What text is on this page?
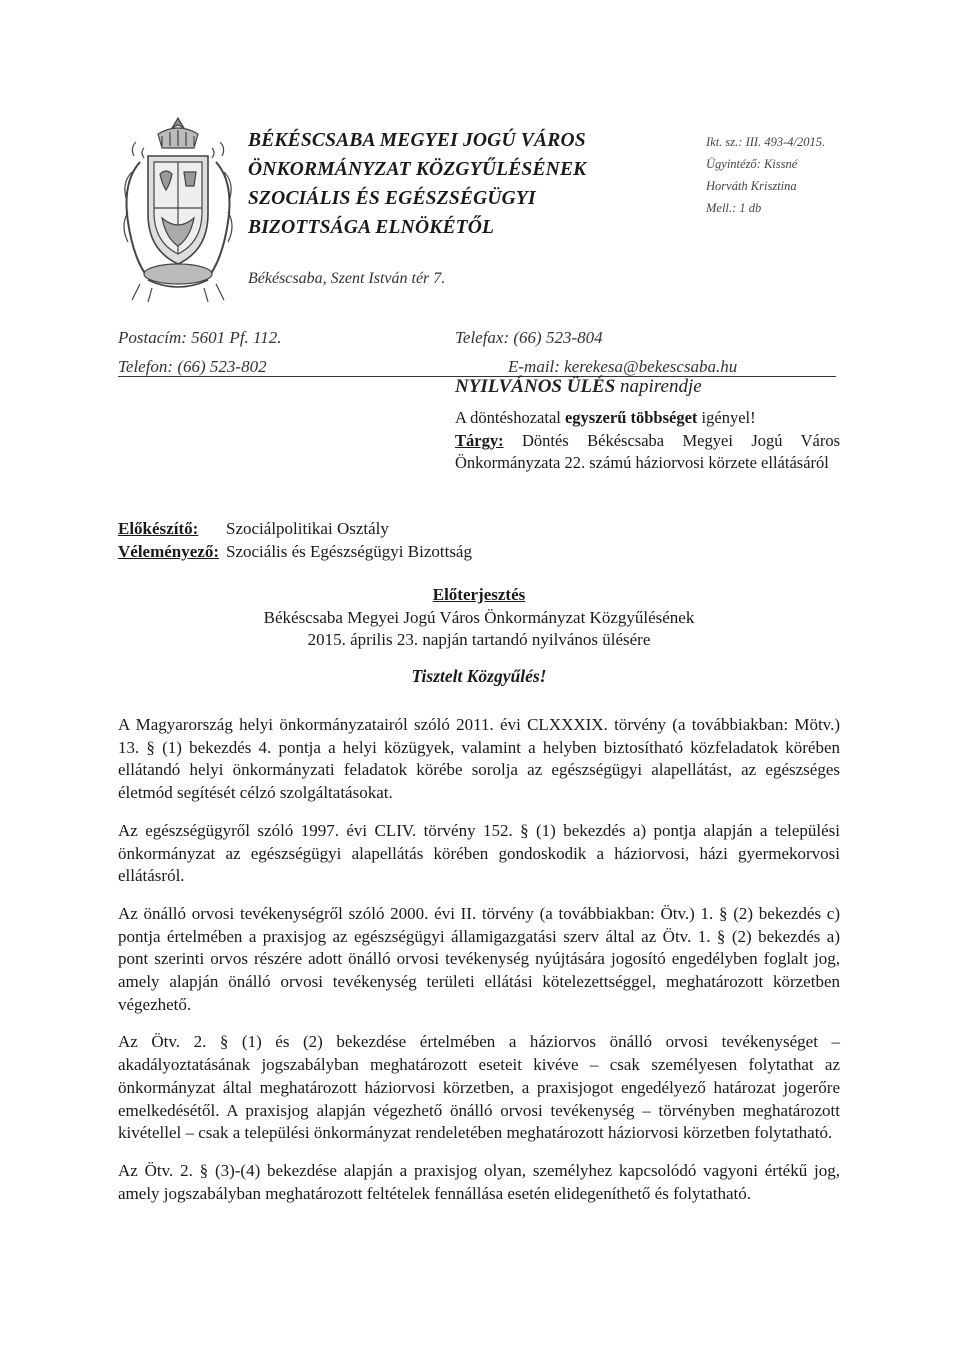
BÉKÉSCSABA MEGYEI JOGÚ VÁROS
ÖNKORMÁNYZAT KÖZGYŰLÉSÉNEK
SZOCIÁLIS ÉS EGÉSZSÉGÜGYI
BIZOTTSÁGA ELNÖKÉTŐL
Békéscsaba, Szent István tér 7.
Ikt. sz.: III. 493-4/2015.
Ügyintéző: Kissné Horváth Krisztina
Mell.: 1 db
Postacím: 5601 Pf. 112.
Telefon: (66) 523-802
Telefax: (66) 523-804
E-mail: kerekesa@bekescsaba.hu
NYILVÁNOS ÜLÉS napirendje
A döntéshozatal egyszerű többséget igényel!
Tárgy: Döntés Békéscsaba Megyei Jogú Város Önkormányzata 22. számú háziorvosi körzete ellátásáról
Előkészítő: Szociálpolitikai Osztály
Véleményező: Szociális és Egészségügyi Bizottság
Előterjesztés
Békéscsaba Megyei Jogú Város Önkormányzat Közgyűlésének
2015. április 23. napján tartandó nyilvános ülésére
Tisztelt Közgyűlés!

A Magyarország helyi önkormányzatairól szóló 2011. évi CLXXXIX. törvény (a továbbiakban: Mötv.) 13. § (1) bekezdés 4. pontja a helyi közügyek, valamint a helyben biztosítható közfeladatok körében ellátandó helyi önkormányzati feladatok körébe sorolja az egészségügyi alapellátást, az egészséges életmód segítését célzó szolgáltatásokat.

Az egészségügyről szóló 1997. évi CLIV. törvény 152. § (1) bekezdés a) pontja alapján a települési önkormányzat az egészségügyi alapellátás körében gondoskodik a háziorvosi, házi gyermekorvosi ellátásról.

Az önálló orvosi tevékenységről szóló 2000. évi II. törvény (a továbbiakban: Ötv.) 1. § (2) bekezdés c) pontja értelmében a praxisjog az egészségügyi államigazgatási szerv által az Ötv. 1. § (2) bekezdés a) pont szerinti orvos részére adott önálló orvosi tevékenység nyújtására jogosító engedélyben foglalt jog, amely alapján önálló orvosi tevékenység területi ellátási kötelezettséggel, meghatározott körzetben végezhető.

Az Ötv. 2. § (1) és (2) bekezdése értelmében a háziorvos önálló orvosi tevékenységet – akadályoztatásának jogszabályban meghatározott eseteit kivéve – csak személyesen folytathat az önkormányzat által meghatározott háziorvosi körzetben, a praxisjogot engedélyező határozat jogerőre emelkedésétől. A praxisjog alapján végezhető önálló orvosi tevékenység – törvényben meghatározott kivétellel – csak a települési önkormányzat rendeletében meghatározott háziorvosi körzetben folytatható.

Az Ötv. 2. § (3)-(4) bekezdése alapján a praxisjog olyan, személyhez kapcsolódó vagyoni értékű jog, amely jogszabályban meghatározott feltételek fennállása esetén elidegeníthető és folytatható.
